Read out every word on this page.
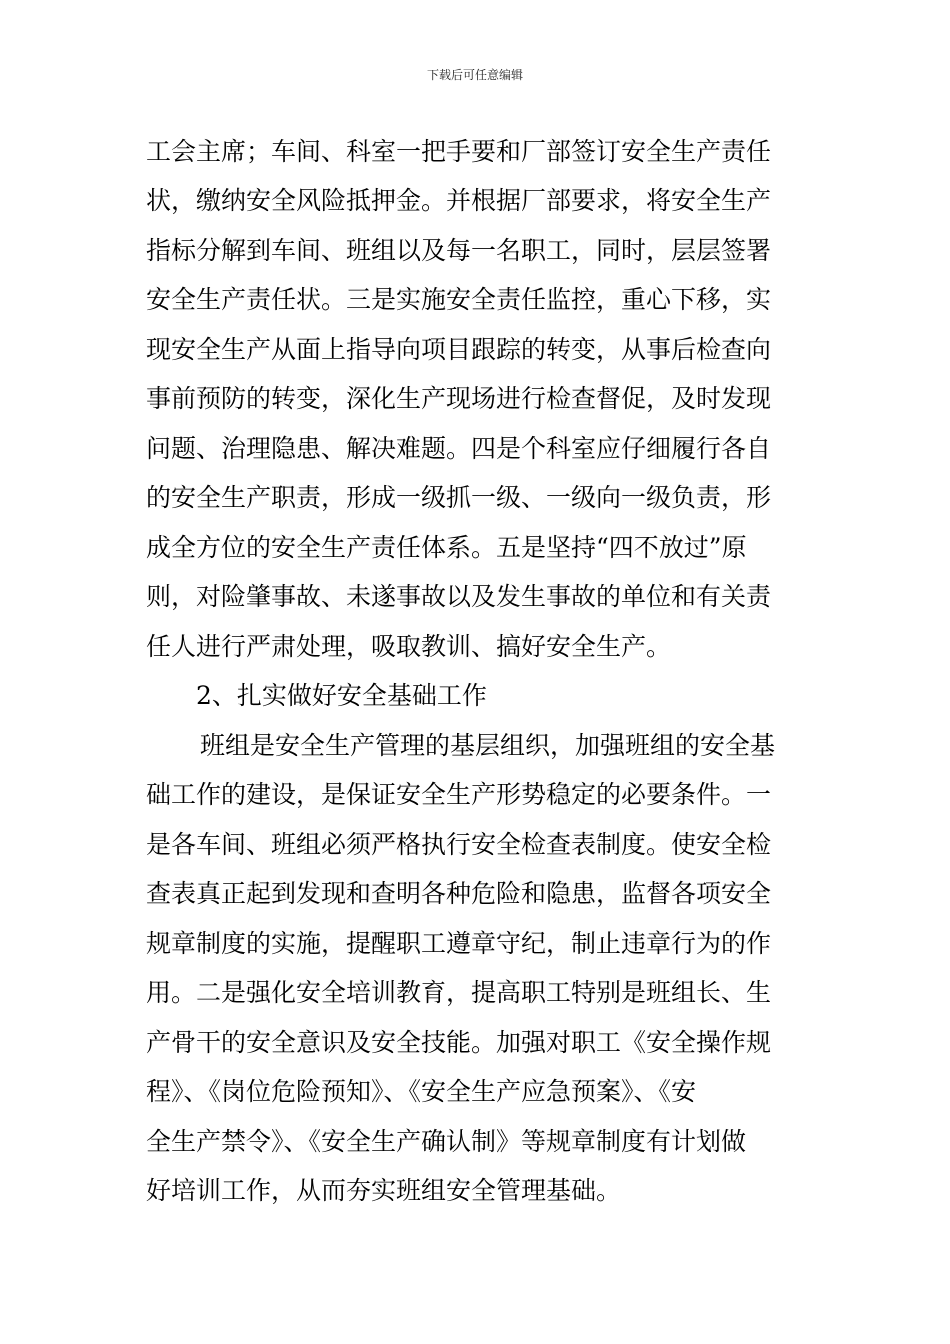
下载后可任意编辑
工会主席；车间、科室一把手要和厂部签订安全生产责任
状，缴纳安全风险抵押金。并根据厂部要求，将安全生产
指标分解到车间、班组以及每一名职工，同时，层层签署
安全生产责任状。三是实施安全责任监控，重心下移，实
现安全生产从面上指导向项目跟踪的转变，从事后检查向
事前预防的转变，深化生产现场进行检查督促，及时发现
问题、治理隐患、解决难题。四是个科室应仔细履行各自
的安全生产职责，形成一级抓一级、一级向一级负责，形
成全方位的安全生产责任体系。五是坚持“四不放过”原
则，对险肇事故、未遂事故以及发生事故的单位和有关责
任人进行严肃处理，吸取教训、搞好安全生产。
2、扎实做好安全基础工作
班组是安全生产管理的基层组织，加强班组的安全基
础工作的建设，是保证安全生产形势稳定的必要条件。一
是各车间、班组必须严格执行安全检查表制度。使安全检
查表真正起到发现和查明各种危险和隐患，监督各项安全
规章制度的实施，提醒职工遵章守纪，制止违章行为的作
用。二是强化安全培训教育，提高职工特别是班组长、生
产骨干的安全意识及安全技能。加强对职工《安全操作规
程》、《岗位危险预知》、《安全生产应急预案》、《安
全生产禁令》、《安全生产确认制》等规章制度有计划做
好培训工作，从而夯实班组安全管理基础。
